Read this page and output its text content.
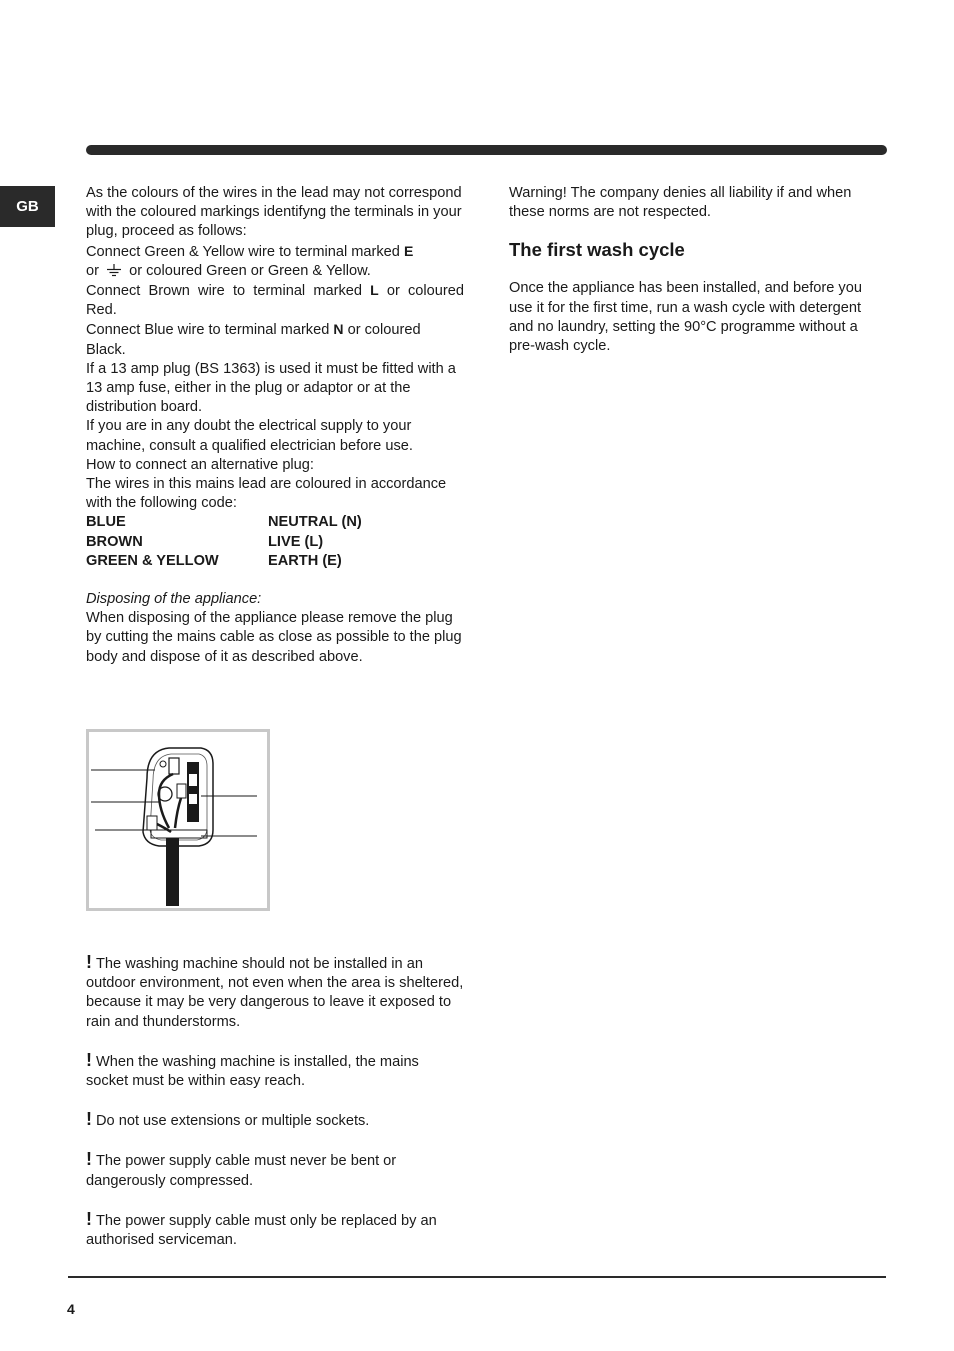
GB

As the colours of the wires in the lead may not correspond with the coloured markings identifyng the terminals in your plug, proceed as follows:

Connect Green & Yellow wire to terminal marked E
or or coloured Green or Green & Yellow.

Connect Brown wire to terminal marked L or coloured Red.

Connect Blue wire to terminal marked N or coloured Black.

If a 13 amp plug (BS 1363) is used it must be fitted with a

13 amp fuse, either in the plug or adaptor or at the distribution board.

If you are in any doubt the electrical supply to your machine, consult a qualified electrician before use.

How to connect an alternative plug:

The wires in this mains lead are coloured in accordance with the following code:

BLUE	NEUTRAL (N)
BROWN	LIVE (L)
GREEN & YELLOW	EARTH (E)

Disposing of the appliance:

When disposing of the appliance please remove the plug by cutting the mains cable as close as possible to the plug body and dispose of it as described above.

! The washing machine should not be installed in an outdoor environment, not even when the area is sheltered, because it may be very dangerous to leave it exposed to rain and thunderstorms.

! When the washing machine is installed, the mains socket must be within easy reach.

! Do not use extensions or multiple sockets.

! The power supply cable must never be bent or dangerously compressed.

! The power supply cable must only be replaced by an authorised serviceman.

Warning! The company denies all liability if and when these norms are not respected.

The first wash cycle

Once the appliance has been installed, and before you use it for the first time, run a wash cycle with detergent and no laundry, setting the 90°C programme without a pre-wash cycle.

4
